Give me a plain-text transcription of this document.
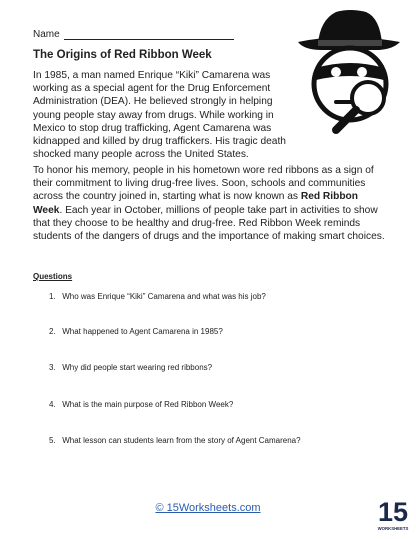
Name
The Origins of Red Ribbon Week

In 1985, a man named Enrique “Kiki” Camarena was working as a special agent for the Drug Enforcement Administration (DEA). He believed strongly in helping young people stay away from drugs. While working in Mexico to stop drug trafficking, Agent Camarena was kidnapped and killed by drug traffickers. His tragic death shocked many people across the United States.

To honor his memory, people in his hometown wore red ribbons as a sign of their commitment to living drug-free lives. Soon, schools and communities across the country joined in, starting what is now known as Red Ribbon Week. Each year in October, millions of people take part in activities to show that they choose to be healthy and drug-free. Red Ribbon Week reminds students of the dangers of drugs and the importance of making smart choices.

Questions
1. Who was Enrique “Kiki” Camarena and what was his job?
2. What happened to Agent Camarena in 1985?
3. Why did people start wearing red ribbons?
4. What is the main purpose of Red Ribbon Week?
5. What lesson can students learn from the story of Agent Camarena?
© 15Worksheets.com	15
WORKSHEETS
